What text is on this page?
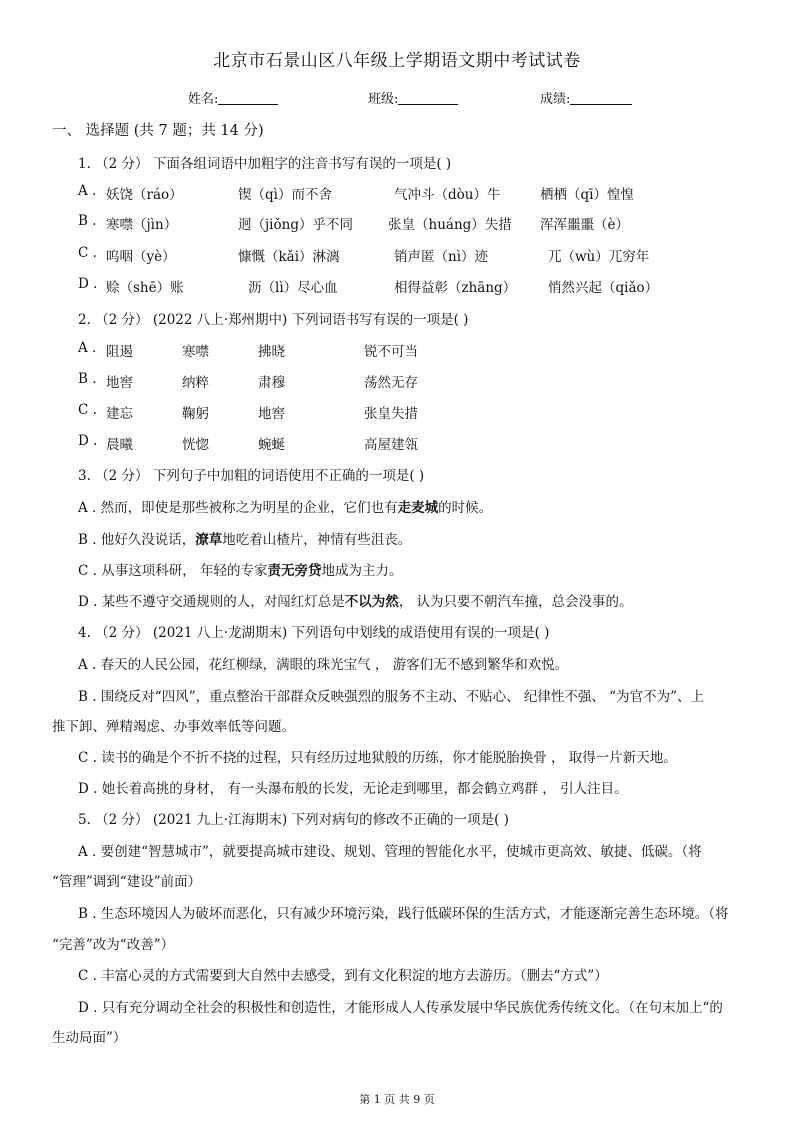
北京市石景山区八年级上学期语文期中考试试卷
姓名:	班级:	成绩:
一、 选择题 (共 7 题；共 14 分)
1. （2 分） 下面各组词语中加粗字的注音书写有误的一项是( )
A . 妖饶（ráo）	锲（qì）而不舍	气冲斗（dòu）牛	栖栖（qī）惶惶
B . 寒噤（jìn）	迥（jiǒng）乎不同	张皇（huáng）失措 浑浑噩噩（è）
C . 呜咽（yè）	慷慨（kǎi）淋漓	销声匿（nì）迹	兀（wù）兀穷年
D . 赊（shē）账	沥（lì）尽心血	相得益彰（zhāng） 悄然兴起（qiǎo）
2. （2 分） (2022 八上·郑州期中) 下列词语书写有误的一项是( )
A . 阻遏	寒噤	拂晓	锐不可当
B . 地窖	纳粹	肃穆	荡然无存
C . 建忘	鞠躬	地窖	张皇失措
D . 晨曦	恍惚	蜿蜒	高屋建瓴
3. （2 分） 下列句子中加粗的词语使用不正确的一项是( )
A . 然而，即使是那些被称之为明星的企业，它们也有走麦城的时候。
B . 他好久没说话，潦草地吃着山楂片，神情有些沮丧。
C . 从事这项科研， 年轻的专家责无旁贷地成为主力。
D . 某些不遵守交通规则的人，对闯红灯总是不以为然， 认为只要不朝汽车撞，总会没事的。
4. （2 分） (2021 八上·龙湖期末) 下列语句中划线的成语使用有误的一项是( )
A . 春天的人民公园，花红柳绿，满眼的珠光宝气 ， 游客们无不感到繁华和欢悦。
B . 围绕反对“四风”，重点整治干部群众反映强烈的服务不主动、不贴心、 纪律性不强、 “为官不为”、上
推下卸、殚精竭虑、办事效率低等问题。
C . 读书的确是个不折不挠的过程，只有经历过地狱般的历练，你才能脱胎换骨 ， 取得一片新天地。
D . 她长着高挑的身材， 有一头瀑布般的长发，无论走到哪里，都会鹤立鸡群 ， 引人注目。
5. （2 分） (2021 九上·江海期末) 下列对病句的修改不正确的一项是( )
A . 要创建“智慧城市”，就要提高城市建设、规划、管理的智能化水平，使城市更高效、敏捷、低碳。（将
“管理”调到“建设”前面）
B . 生态环境因人为破坏而恶化，只有减少环境污染，践行低碳环保的生活方式，才能逐渐完善生态环境。（将
“完善”改为“改善”）
C . 丰富心灵的方式需要到大自然中去感受，到有文化积淀的地方去游历。（删去“方式”）
D . 只有充分调动全社会的积极性和创造性，才能形成人人传承发展中华民族优秀传统文化。（在句末加上“的
生动局面”）
第 1 页 共 9 页
